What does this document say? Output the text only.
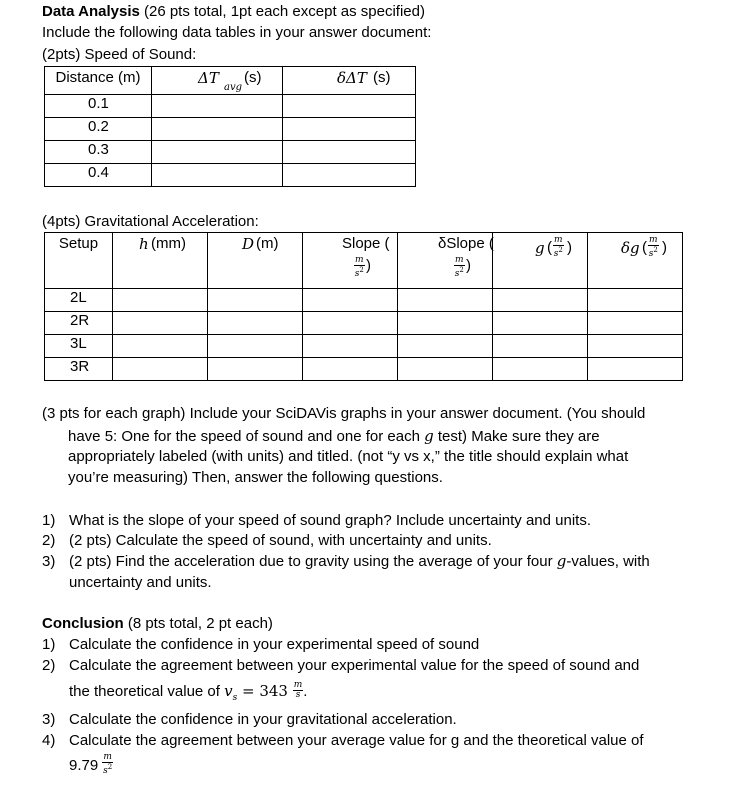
Data Analysis (26 pts total, 1pt each except as specified)
Include the following data tables in your answer document:
(2pts) Speed of Sound:
Distance (m)	ΔT
avg
(s)	δΔT (s)

0.1		
0.2		
0.3		
0.4		
(4pts) Gravitational Acceleration:
Setup	h (mm)	D (m)	Slope (
$\frac{m}{s^2}$ )	δSlope (
$\frac{m}{s^2}$ )	g ( $\frac{m}{s^2}$ )	δg ( $\frac{m}{s^2}$ )

2L						
2R						
3L						
3R						
(3 pts for each graph) Include your SciDAVis graphs in your answer document. (You should
have 5: One for the speed of sound and one for each g test) Make sure they are
appropriately labeled (with units) and titled. (not “y vs x,” the title should explain what
you’re measuring) Then, answer the following questions.
1) What is the slope of your speed of sound graph? Include uncertainty and units.
2) (2 pts) Calculate the speed of sound, with uncertainty and units.
3) (2 pts) Find the acceleration due to gravity using the average of your four g-values, with
uncertainty and units.
Conclusion (8 pts total, 2 pt each)
1) Calculate the confidence in your experimental speed of sound
2) Calculate the agreement between your experimental value for the speed of sound and
the theoretical value of $v_s = 343 \frac{m}{s}$ .
3) Calculate the confidence in your gravitational acceleration.
4) Calculate the agreement between your average value for g and the theoretical value of
$9.79 \frac{m}{s^2}$
